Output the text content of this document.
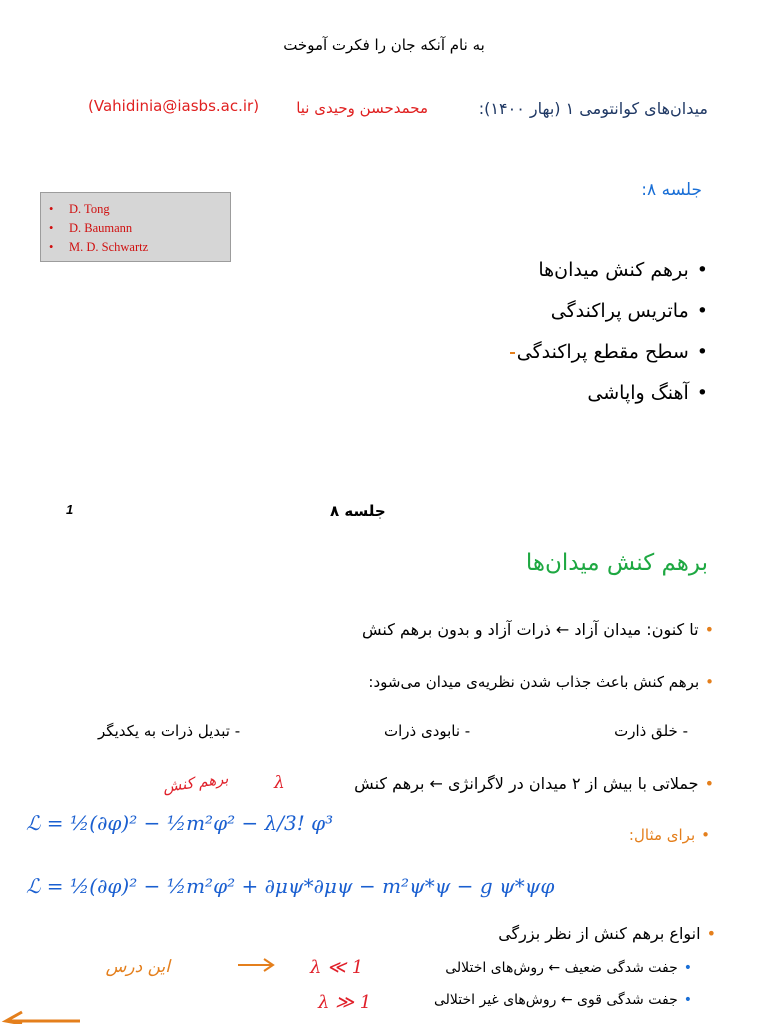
به نام آنکه جان را فکرت آموخت
میدان‌های کوانتومی ۱ (بهار ۱۴۰۰):
محمدحسن وحیدی نیا
(Vahidinia@iasbs.ac.ir)
• D. Tong
• D. Baumann
• M. D. Schwartz
جلسه ۸:
•برهم کنش میدان‌ها
•ماتریس پراکندگی
•سطح مقطع پراکندگی
•آهنگ واپاشی
1	جلسه ۸
برهم کنش میدان‌ها
•تا کنون: میدان آزاد ← ذرات آزاد و بدون برهم کنش
•برهم کنش باعث جذاب شدن نظریه‌ی میدان می‌شود:
- خلق ذارت
- نابودی ذرات
- تبدیل ذرات به یکدیگر
•جملاتی با بیش از ۲ میدان در لاگرانژی ← برهم کنش
•برای مثال:
•انواع برهم کنش از نظر بزرگی
•جفت شدگی ضعیف ← روش‌های اختلالی
•جفت شدگی قوی ← روش‌های غیر اختلالی
برهم کنش	λ
ℒ = ½(∂φ)² − ½m²φ² − λ/3! φ³
ℒ = ½(∂φ)² − ½m²φ² + ∂μψ*∂μψ − m²ψ*ψ − g ψ*ψφ
این درس	λ ≪ 1
λ ≫ 1
